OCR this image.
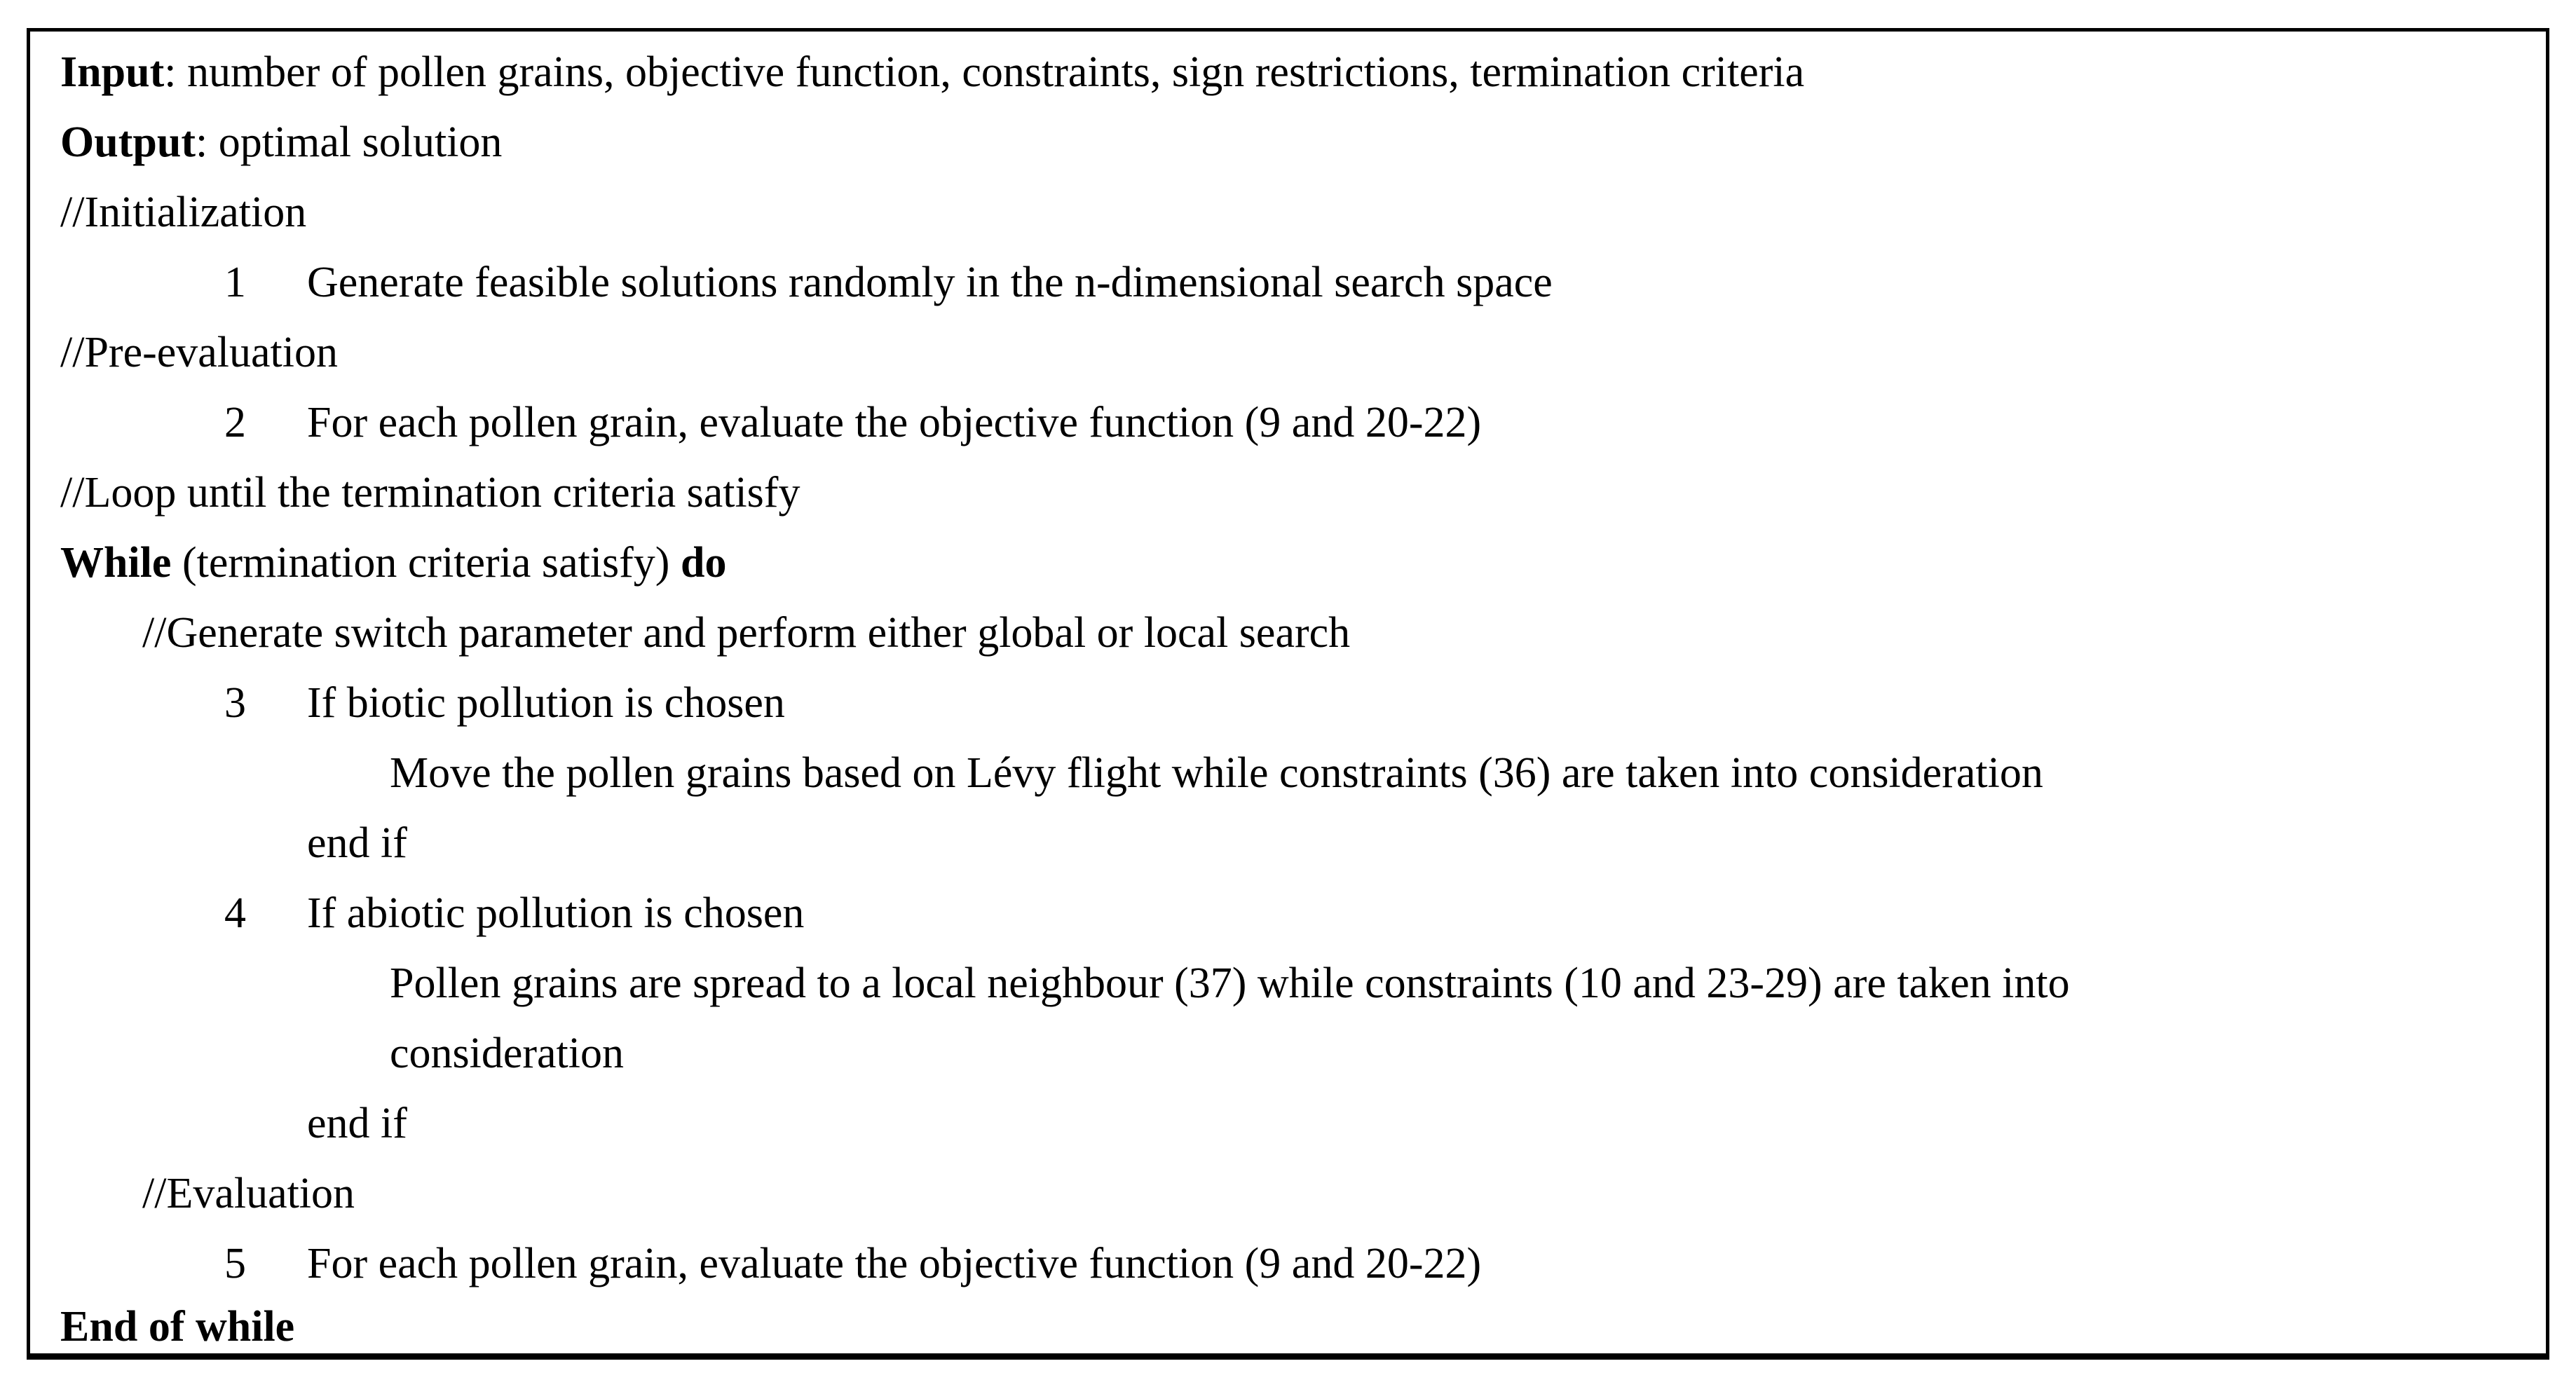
Input: number of pollen grains, objective function, constraints, sign restrictions, termination criteria
Output: optimal solution
//Initialization
1 Generate feasible solutions randomly in the n-dimensional search space
//Pre-evaluation
2 For each pollen grain, evaluate the objective function (9 and 20-22)
//Loop until the termination criteria satisfy
While (termination criteria satisfy) do
//Generate switch parameter and perform either global or local search
3 If biotic pollution is chosen
Move the pollen grains based on Lévy flight while constraints (36) are taken into consideration
end if
4 If abiotic pollution is chosen
Pollen grains are spread to a local neighbour (37) while constraints (10 and 23-29) are taken into
consideration
end if
//Evaluation
5 For each pollen grain, evaluate the objective function (9 and 20-22)
End of while
